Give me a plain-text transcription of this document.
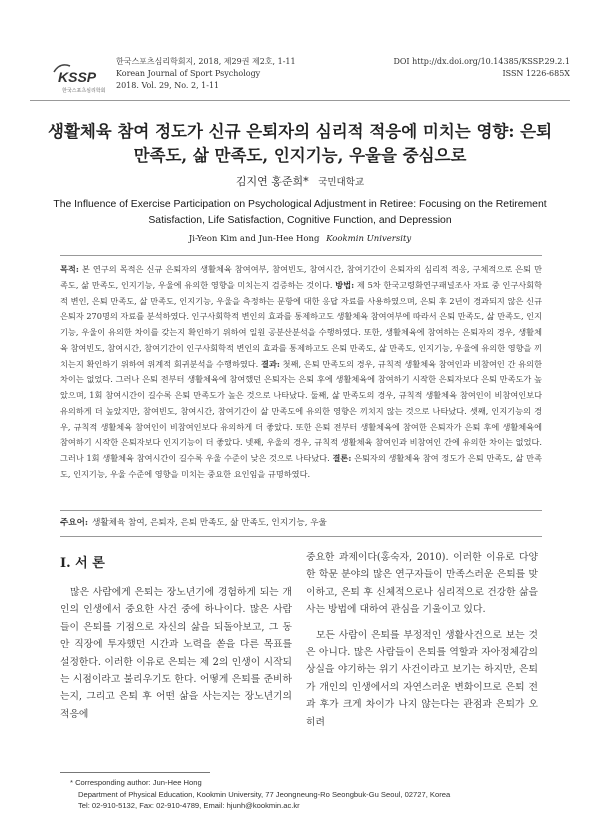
KSSP
한국스포츠심리학회
한국스포츠심리학회지, 2018, 제29권 제2호, 1-11
Korean Journal of Sport Psychology
2018. Vol. 29, No. 2, 1-11
DOI http://dx.doi.org/10.14385/KSSP.29.2.1
ISSN 1226-685X
생활체육 참여 정도가 신규 은퇴자의 심리적 적응에 미치는 영향: 은퇴
만족도, 삶 만족도, 인지기능, 우울을 중심으로
김지연 홍준희* 국민대학교
The Influence of Exercise Participation on Psychological Adjustment in Retiree: Focusing on the Retirement
Satisfaction, Life Satisfaction, Cognitive Function, and Depression
Ji-Yeon Kim and Jun-Hee Hong Kookmin University
목적: 본 연구의 목적은 신규 은퇴자의 생활체육 참여여부, 참여빈도, 참여시간, 참여기간이 은퇴자의 심리적 적응, 구체적으로 은퇴 만족도, 삶 만족도, 인지기능, 우울에 유의한 영향을 미치는지 검증하는 것이다. 방법: 제 5차 한국고령화연구패널조사 자료 중 인구사회학적 변인, 은퇴 만족도, 삶 만족도, 인지기능, 우울을 측정하는 문항에 대한 응답 자료를 사용하였으며, 은퇴 후 2년이 경과되지 않은 신규 은퇴자 270명의 자료를 분석하였다. 인구사회학적 변인의 효과를 통제하고도 생활체육 참여여부에 따라서 은퇴 만족도, 삶 만족도, 인지기능, 우울이 유의한 차이를 갖는지 확인하기 위하여 일원 공분산분석을 수행하였다. 또한, 생활체육에 참여하는 은퇴자의 경우, 생활체육 참여빈도, 참여시간, 참여기간이 인구사회학적 변인의 효과를 통제하고도 은퇴 만족도, 삶 만족도, 인지기능, 우울에 유의한 영향을 끼치는지 확인하기 위하여 위계적 회귀분석을 수행하였다. 결과: 첫째, 은퇴 만족도의 경우, 규칙적 생활체육 참여인과 비참여인 간 유의한 차이는 없었다. 그러나 은퇴 전부터 생활체육에 참여했던 은퇴자는 은퇴 후에 생활체육에 참여하기 시작한 은퇴자보다 은퇴 만족도가 높았으며, 1회 참여시간이 길수록 은퇴 만족도가 높은 것으로 나타났다. 둘째, 삶 만족도의 경우, 규칙적 생활체육 참여인이 비참여인보다 유의하게 더 높았지만, 참여빈도, 참여시간, 참여기간이 삶 만족도에 유의한 영향은 끼치지 않는 것으로 나타났다. 셋째, 인지기능의 경우, 규칙적 생활체육 참여인이 비참여인보다 유의하게 더 좋았다. 또한 은퇴 전부터 생활체육에 참여한 은퇴자가 은퇴 후에 생활체육에 참여하기 시작한 은퇴자보다 인지기능이 더 좋았다. 넷째, 우울의 경우, 규칙적 생활체육 참여인과 비참여인 간에 유의한 차이는 없었다. 그러나 1회 생활체육 참여시간이 길수록 우울 수준이 낮은 것으로 나타났다. 결론: 은퇴자의 생활체육 참여 정도가 은퇴 만족도, 삶 만족도, 인지기능, 우울 수준에 영향을 미치는 중요한 요인임을 규명하였다.
주요어: 생활체육 참여, 은퇴자, 은퇴 만족도, 삶 만족도, 인지기능, 우울
I. 서 론
많은 사람에게 은퇴는 장노년기에 경험하게 되는 개인의 인생에서 중요한 사건 중에 하나이다. 많은 사람들이 은퇴를 기점으로 자신의 삶을 되돌아보고, 그 동안 직장에 투자했던 시간과 노력을 쏟을 다른 목표를 설정한다. 이러한 이유로 은퇴는 제 2의 인생이 시작되는 시점이라고 불리우기도 한다. 어떻게 은퇴를 준비하는지, 그리고 은퇴 후 어떤 삶을 사는지는 장노년기의 적응에
중요한 과제이다(홍숙자, 2010). 이러한 이유로 다양한 학문 분야의 많은 연구자들이 만족스러운 은퇴를 맞이하고, 은퇴 후 신체적으로나 심리적으로 건강한 삶을 사는 방법에 대하여 관심을 기울이고 있다.
모든 사람이 은퇴를 부정적인 생활사건으로 보는 것은 아니다. 많은 사람들이 은퇴를 역할과 자아정체감의 상실을 야기하는 위기 사건이라고 보기는 하지만, 은퇴가 개인의 인생에서의 자연스러운 변화이므로 은퇴 전과 후가 크게 차이가 나지 않는다는 관점과 은퇴가 오히려
* Corresponding author: Jun-Hee Hong
Department of Physical Education, Kookmin University, 77 Jeongneung-Ro Seongbuk-Gu Seoul, 02727, Korea
Tel: 02-910-5132, Fax: 02-910-4789, Email: hjunh@kookmin.ac.kr
